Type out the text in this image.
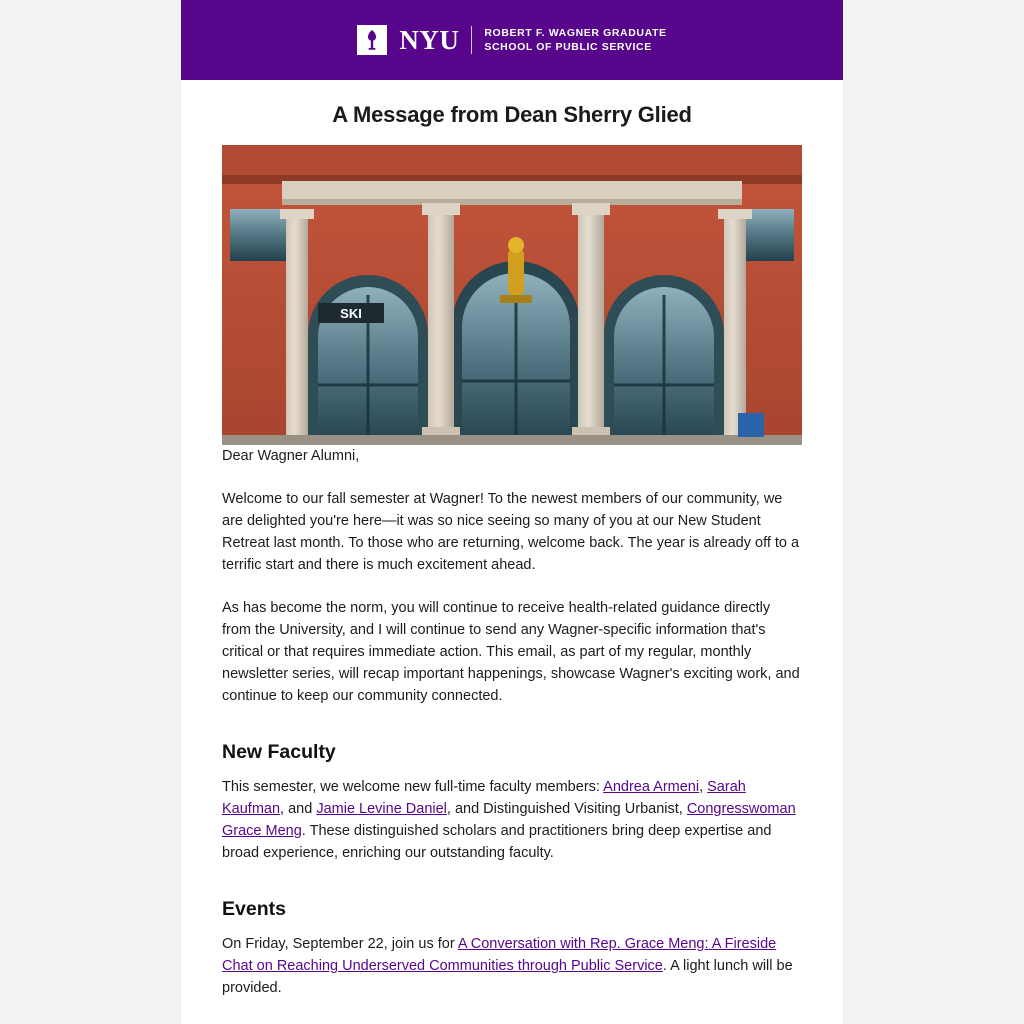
NYU ROBERT F. WAGNER GRADUATE
SCHOOL OF PUBLIC SERVICE
A Message from Dean Sherry Glied
SKI

Dear Wagner Alumni,

Welcome to our fall semester at Wagner! To the newest members of our community, we are delighted you're here—it was so nice seeing so many of you at our New Student Retreat last month. To those who are returning, welcome back. The year is already off to a terrific start and there is much excitement ahead.

As has become the norm, you will continue to receive health-related guidance directly from the University, and I will continue to send any Wagner-specific information that's critical or that requires immediate action. This email, as part of my regular, monthly newsletter series, will recap important happenings, showcase Wagner's exciting work, and continue to keep our community connected.

New Faculty

This semester, we welcome new full-time faculty members: Andrea Armeni, Sarah Kaufman, and Jamie Levine Daniel, and Distinguished Visiting Urbanist, Congresswoman Grace Meng. These distinguished scholars and practitioners bring deep expertise and broad experience, enriching our outstanding faculty.

Events

On Friday, September 22, join us for A Conversation with Rep. Grace Meng: A Fireside Chat on Reaching Underserved Communities through Public Service. A light lunch will be provided.
